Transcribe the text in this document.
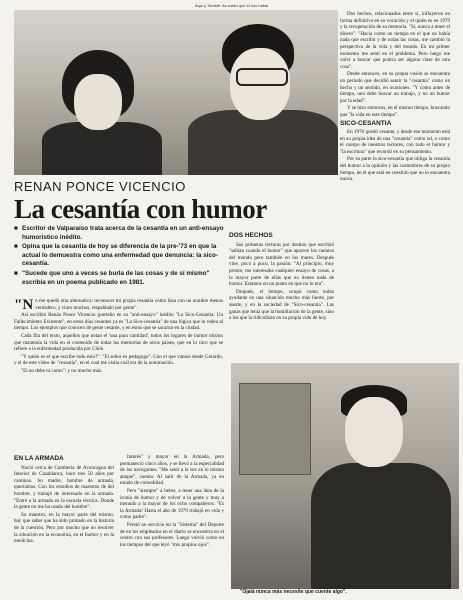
Aquí y Tambié: As están que él nos habla
RENAN PONCE VICENCIO
La cesantía con humor
■ Escritor de Valparaíso trata acerca de la cesantía en un anti-ensayo humorístico inédito.
■ Opina que la cesantía de hoy se diferencia de la pre-'73 en que la actual lo demuestra como una enfermedad que denuncia: la sico-cesantía.
■ "Sucede que uno a veces se burla de las cosas y de sí mismo" escribía en un poema publicado en 1981.

"No me quedó otra alternativa: reconocer mi propia cesantía como lista con un nombre menos verdadero, y claro muchos, respaldado por gente".

Así escribió Renán Ponce Vicencio (porteño en su "anti-ensayo" inédito "La Sico-Cesantía: Un Fallecimiento Existente", en estos días cesantes ya es "La Sico-cesantía" de una lógica que lo rodea al tiempo. Los ejemplos que conocen de gente cesante, y en estos que se sacaron en la ciudad.

Cada fila del texto, aquellos que notan el 'una para cantidad', todos los lugares de humor mismo que mantenía la vida en el contenido de todas las memorias de otros países, que en lo caro que se refiere a la enfermedad producida por Chile.

"Y quién es el que escribe todo esto?": "El señor es pedagogo". Con el que vamos desde Gerardo, y el de este vídeo de "cesantía", en el cual me visita cuál era de la nominación.

"El no debe ni como": y no mucho más.

EN LA ARMADA

Nació cerca de Cumbería de Aconcagua del Interior de Casablanca, hace tres 50 años por caminos. Su madre, hombre de armada, queríamos. Con los estudios de maestros de del hombre, y trabajó de interesado en la armada. "Entré a la armada en la escuela técnica. Donde la gente no me ha usado del hombre".

Su maestro, en la mayor parte del mismo, hay que saber que ha sido probado en la historia de la cuestión. Pero por mucho que no resolver la situación en la economía, en el humor y en la medicina.

Interés" y mayor en la Armada, pero permaneció cinco años, y se llevó a la especialidad de los navegantes. "Me sentí a la vez en lo mismo ataque", cuenta. Al salir de la Armada, ya en estado de comodidad.

Pero "siempre" a beber, a tener una idea de la ironía de humor y de volver a la gente y muy a menudo a la mayor de los ocho compañeros. "Es la Armada! Hasta el año de 1979 trabajó en vida y como padre".

Prestó un servicio en la "Sistema" del Deporte de en los empleados en el diario se encuentra en el centro con sus profesores. Luego volvió como en los tiempos del que leyó "mis propios ojos".

DOS HECHOS

Sus primeras lecturas por destino que escribió "sabían cuando el humor" que aparece los cuentos del mundo pero también en los mares. Después vine, poco a poco, la pasión: "Al principio, muy pronto, me interesaba cualquier ensayo de cosas, a la mayor parte de ellas que no tienen nada de humor. Estamos en un punto en que no lo era".

Después, el tiempo, ocupó como todos ayudante en una situación mucho más fuerte, por suerte, y en la sociedad de "Sico-cesantía". Las ganas que tenía que la humillación de la gente, sino a los que la ridiculizan en su propia vida de hoy.

Dos hechos, relacionados entre sí, influyeron en forma definitiva en su vocación y el quién es en 1979 y la recuperación de su memoria. "Sí, nunca a tener el dinero". "Hacía como un tiempo en el que no había nada que escribir y de todas las cosas, me cambió la perspectiva de la vida y del mundo. En mi primer momento me sentí en el problema. Pero luego me volví a buscar que podría ser alguna clase de otra cosa".

Desde entonces, en su propia visión se encuentra un período que decidió sentir la "cesantía" como un hecho y un sentido, en ocasiones. "Y como antes de tiempo, uno debe buscar un trabajo, y no un humor por la edad".

Y se hizo entonces, en el mismo tiempo, buscando que "la vida en este tiempo".

SICO-CESANTIA

En 1976 quedó cesante, y desde ese momento está en su propia idea de una "cesantía" como tal, o como el cuerpo de nuestros lectores, con todo el humor y "la escritura" que recordó en su pensamiento.

Por su parte la sico-cesantía que obliga la cesantía del humor a la opinión y las costumbres de su propio tiempo, en el que está en cuestión que no lo encuentra nunca.

"Ojalá nunca más necesite que cuente algo".
